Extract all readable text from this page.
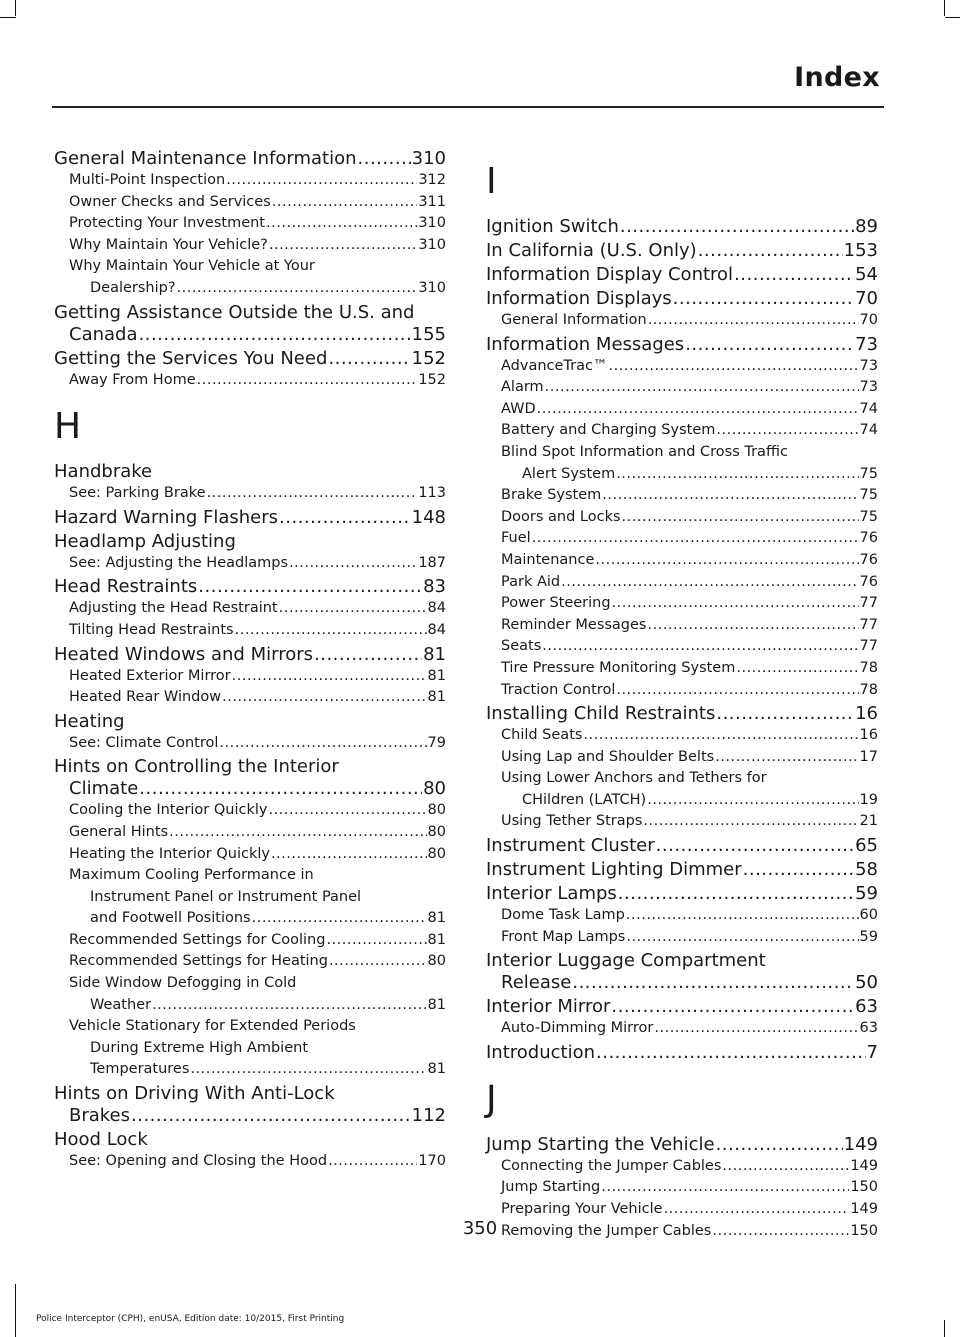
Index
General Maintenance Information .....	310
Multi-Point Inspection .....	312
Owner Checks and Services .....	311
Protecting Your Investment .....	310
Why Maintain Your Vehicle? .....	310
Why Maintain Your Vehicle at Your
Dealership? .....	310
Getting Assistance Outside the U.S. and
Canada .....	155
Getting the Services You Need .....	152
Away From Home .....	152
H
Handbrake
See: Parking Brake .....	113
Hazard Warning Flashers .....	148
Headlamp Adjusting
See: Adjusting the Headlamps .....	187
Head Restraints .....	83
Adjusting the Head Restraint .....	84
Tilting Head Restraints .....	84
Heated Windows and Mirrors .....	81
Heated Exterior Mirror .....	81
Heated Rear Window .....	81
Heating
See: Climate Control .....	79
Hints on Controlling the Interior
Climate .....	80
Cooling the Interior Quickly .....	80
General Hints .....	80
Heating the Interior Quickly .....	80
Maximum Cooling Performance in
Instrument Panel or Instrument Panel
and Footwell Positions .....	81
Recommended Settings for Cooling .....	81
Recommended Settings for Heating .....	80
Side Window Defogging in Cold
Weather .....	81
Vehicle Stationary for Extended Periods
During Extreme High Ambient
Temperatures .....	81
Hints on Driving With Anti-Lock
Brakes .....	112
Hood Lock
See: Opening and Closing the Hood .....	170
I
Ignition Switch .....	89
In California (U.S. Only) .....	153
Information Display Control .....	54
Information Displays .....	70
General Information .....	70
Information Messages .....	73
AdvanceTrac™ .....	73
Alarm .....	73
AWD .....	74
Battery and Charging System .....	74
Blind Spot Information and Cross Traffic
Alert System .....	75
Brake System .....	75
Doors and Locks .....	75
Fuel .....	76
Maintenance .....	76
Park Aid .....	76
Power Steering .....	77
Reminder Messages .....	77
Seats .....	77
Tire Pressure Monitoring System .....	78
Traction Control .....	78
Installing Child Restraints .....	16
Child Seats .....	16
Using Lap and Shoulder Belts .....	17
Using Lower Anchors and Tethers for
CHildren (LATCH) .....	19
Using Tether Straps .....	21
Instrument Cluster .....	65
Instrument Lighting Dimmer .....	58
Interior Lamps .....	59
Dome Task Lamp .....	60
Front Map Lamps .....	59
Interior Luggage Compartment
Release .....	50
Interior Mirror .....	63
Auto-Dimming Mirror .....	63
Introduction .....	7
J
Jump Starting the Vehicle .....	149
Connecting the Jumper Cables .....	149
Jump Starting .....	150
Preparing Your Vehicle .....	149
Removing the Jumper Cables .....	150
350
Police Interceptor (CPH), enUSA, Edition date: 10/2015, First Printing
